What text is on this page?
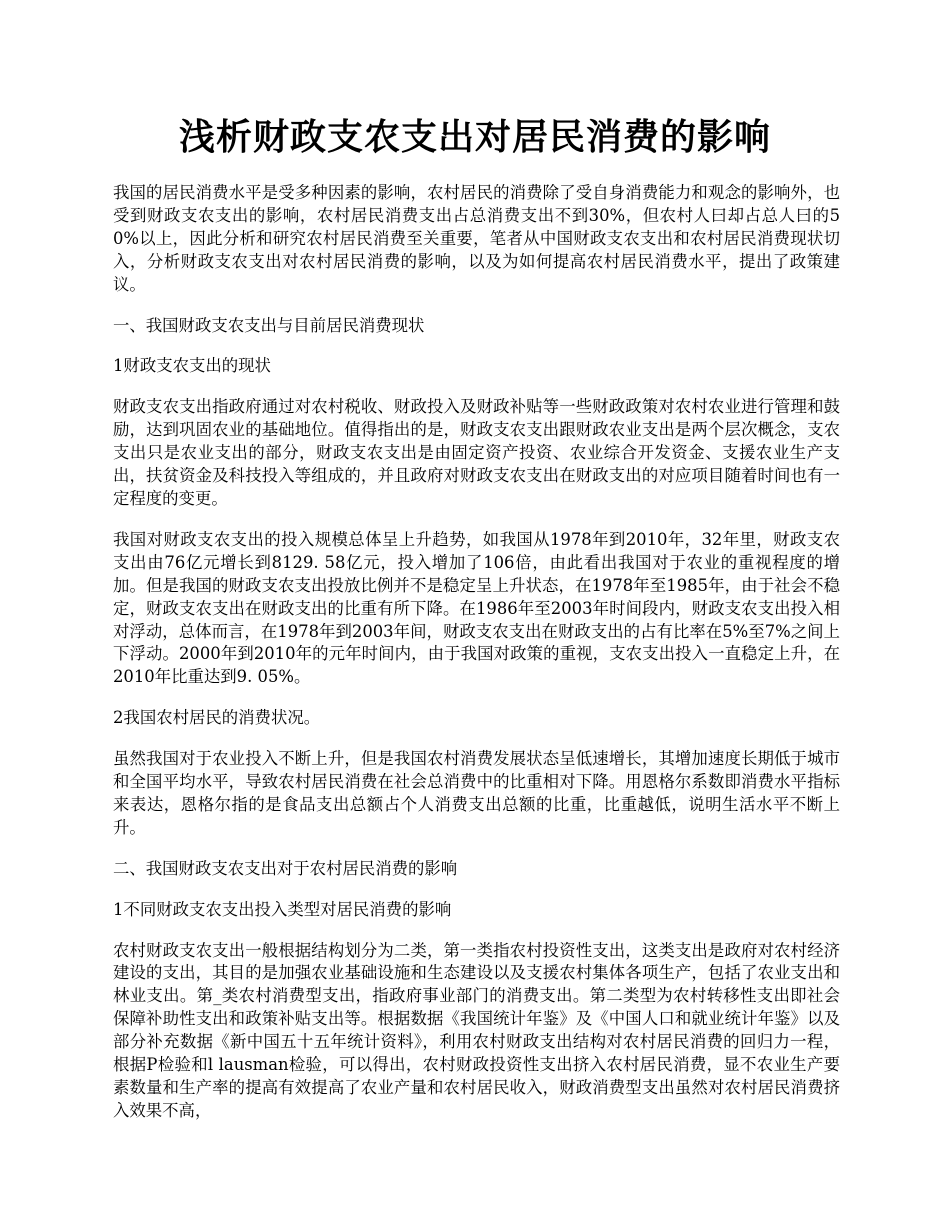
浅析财政支农支出对居民消费的影响

我国的居民消费水平是受多种因素的影响，农村居民的消费除了受自身消费能力和观念的影响外，也受到财政支农支出的影响，农村居民消费支出占总消费支出不到30%，但农村人曰却占总人曰的50%以上，因此分析和研究农村居民消费至关重要，笔者从中国财政支农支出和农村居民消费现状切入，分析财政支农支出对农村居民消费的影响，以及为如何提高农村居民消费水平，提出了政策建议。

一、我国财政支农支出与目前居民消费现状

1财政支农支出的现状

财政支农支出指政府通过对农村税收、财政投入及财政补贴等一些财政政策对农村农业进行管理和鼓励，达到巩固农业的基础地位。值得指出的是，财政支农支出跟财政农业支出是两个层次概念，支农支出只是农业支出的部分，财政支农支出是由固定资产投资、农业综合开发资金、支援农业生产支出，扶贫资金及科技投入等组成的，并且政府对财政支农支出在财政支出的对应项目随着时间也有一定程度的变更。

我国对财政支农支出的投入规模总体呈上升趋势，如我国从1978年到2010年，32年里，财政支农支出由76亿元增长到8129. 58亿元，投入增加了106倍，由此看出我国对于农业的重视程度的增加。但是我国的财政支农支出投放比例并不是稳定呈上升状态，在1978年至1985年，由于社会不稳定，财政支农支出在财政支出的比重有所下降。在1986年至2003年时间段内，财政支农支出投入相对浮动，总体而言，在1978年到2003年间，财政支农支出在财政支出的占有比率在5%至7%之间上下浮动。2000年到2010年的元年时间内，由于我国对政策的重视，支农支出投入一直稳定上升，在2010年比重达到9. 05%。

2我国农村居民的消费状况。

虽然我国对于农业投入不断上升，但是我国农村消费发展状态呈低速增长，其增加速度长期低于城市和全国平均水平，导致农村居民消费在社会总消费中的比重相对下降。用恩格尔系数即消费水平指标来表达，恩格尔指的是食品支出总额占个人消费支出总额的比重，比重越低，说明生活水平不断上升。

二、我国财政支农支出对于农村居民消费的影响

1不同财政支农支出投入类型对居民消费的影响

农村财政支农支出一般根据结构划分为二类，第一类指农村投资性支出，这类支出是政府对农村经济建设的支出，其目的是加强农业基础设施和生态建设以及支援农村集体各项生产，包括了农业支出和林业支出。第_类农村消费型支出，指政府事业部门的消费支出。第二类型为农村转移性支出即社会保障补助性支出和政策补贴支出等。根据数据《我国统计年鉴》及《中国人口和就业统计年鉴》以及部分补充数据《新中国五十五年统计资料》，利用农村财政支出结构对农村居民消费的回归力一程，根据P检验和l lausman检验，可以得出，农村财政投资性支出挤入农村居民消费，显不农业生产要素数量和生产率的提高有效提高了农业产量和农村居民收入，财政消费型支出虽然对农村居民消费挤入效果不高，
